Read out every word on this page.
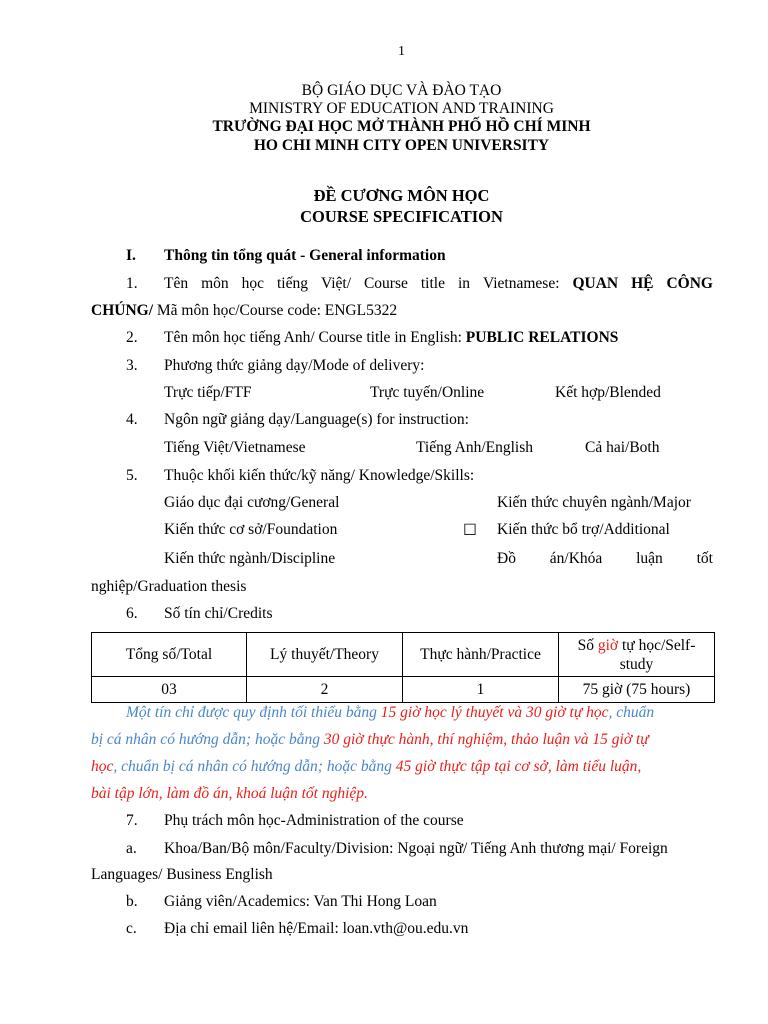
1
BỘ GIÁO DỤC VÀ ĐÀO TẠO
MINISTRY OF EDUCATION AND TRAINING
TRƯỜNG ĐẠI HỌC MỞ THÀNH PHỐ HỒ CHÍ MINH
HO CHI MINH CITY OPEN UNIVERSITY
ĐỀ CƯƠNG MÔN HỌC
COURSE SPECIFICATION
I. Thông tin tổng quát - General information
1. Tên môn học tiếng Việt/ Course title in Vietnamese: QUAN HỆ CÔNG
CHÚNG/ Mã môn học/Course code: ENGL5322
2. Tên môn học tiếng Anh/ Course title in English: PUBLIC RELATIONS
3. Phương thức giảng dạy/Mode of delivery:
Trực tiếp/FTF	Trực tuyến/Online	Kết hợp/Blended
4. Ngôn ngữ giảng dạy/Language(s) for instruction:
Tiếng Việt/Vietnamese	Tiếng Anh/English	Cả hai/Both
5. Thuộc khối kiến thức/kỹ năng/ Knowledge/Skills:
Giáo dục đại cương/General	Kiến thức chuyên ngành/Major
Kiến thức cơ sở/Foundation	☐ Kiến thức bổ trợ/Additional
Kiến thức ngành/Discipline	Đồ án/Khóa luận tốt
nghiệp/Graduation thesis
6. Số tín chỉ/Credits
Tổng số/Total	Lý thuyết/Theory	Thực hành/Practice	Số giờ tự học/Self-
study
03	2	1	75 giờ (75 hours)
Một tín chỉ được quy định tối thiểu bằng 15 giờ học lý thuyết và 30 giờ tự học, chuẩn
bị cá nhân có hướng dẫn; hoặc bằng 30 giờ thực hành, thí nghiệm, thảo luận và 15 giờ tự
học, chuẩn bị cá nhân có hướng dẫn; hoặc bằng 45 giờ thực tập tại cơ sở, làm tiểu luận,
bài tập lớn, làm đồ án, khoá luận tốt nghiệp.
7. Phụ trách môn học-Administration of the course
a. Khoa/Ban/Bộ môn/Faculty/Division: Ngoại ngữ/ Tiếng Anh thương mại/ Foreign
Languages/ Business English
b. Giảng viên/Academics: Van Thi Hong Loan
c. Địa chỉ email liên hệ/Email: loan.vth@ou.edu.vn
